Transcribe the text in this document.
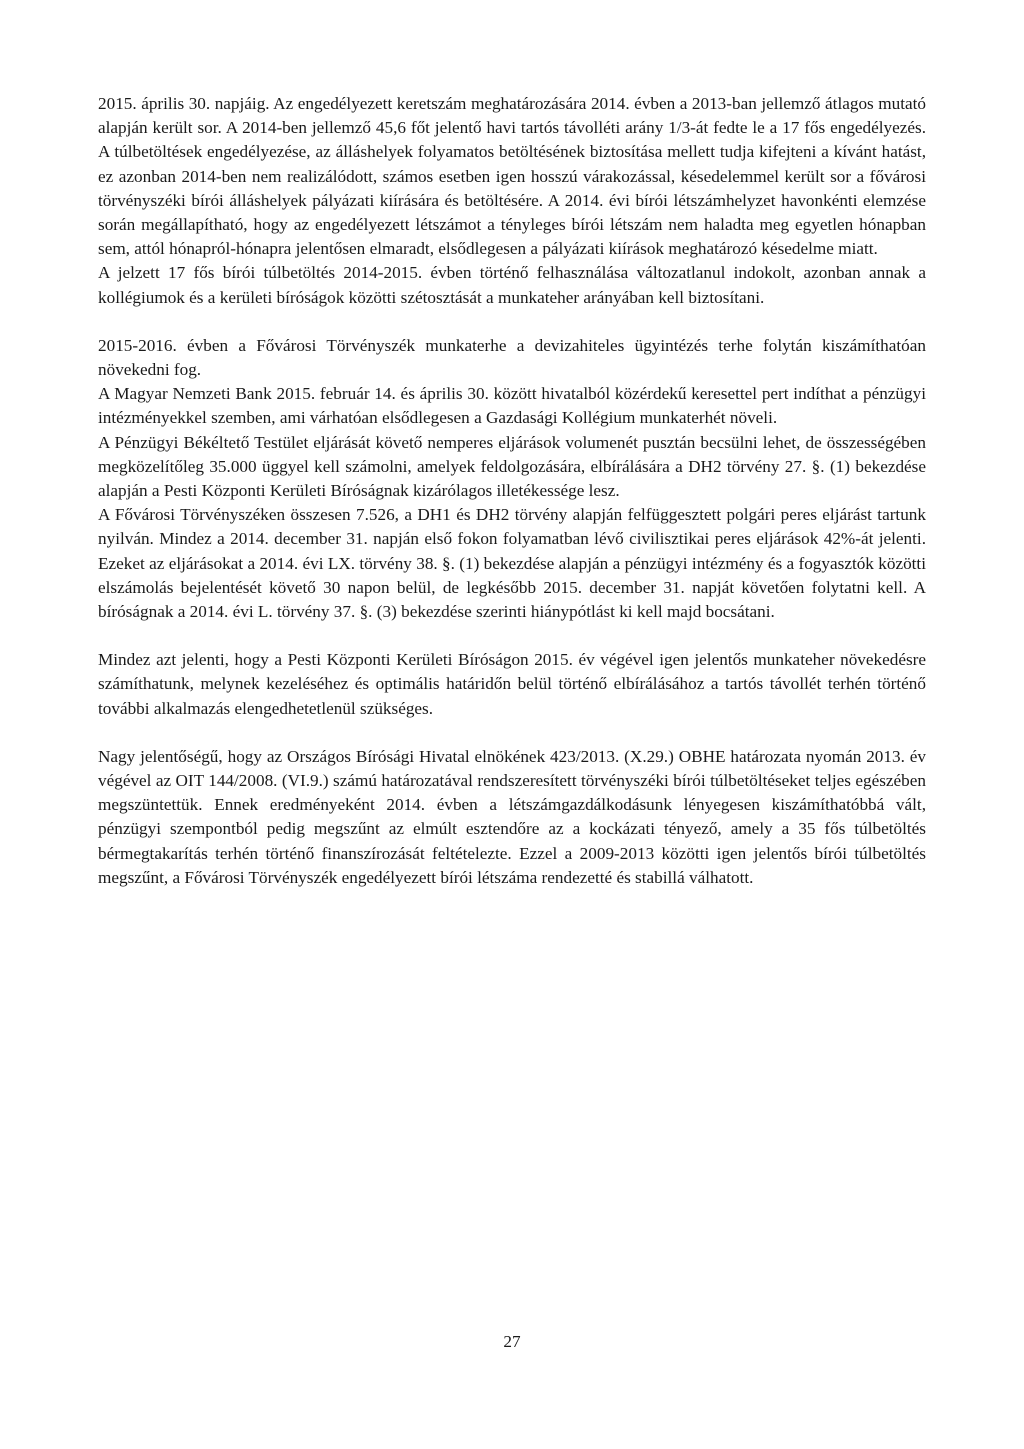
2015. április 30. napjáig. Az engedélyezett keretszám meghatározására 2014. évben a 2013-ban jellemző átlagos mutató alapján került sor. A 2014-ben jellemző 45,6 főt jelentő havi tartós távolléti arány 1/3-át fedte le a 17 fős engedélyezés. A túlbetöltések engedélyezése, az álláshelyek folyamatos betöltésének biztosítása mellett tudja kifejteni a kívánt hatást, ez azonban 2014-ben nem realizálódott, számos esetben igen hosszú várakozással, késedelemmel került sor a fővárosi törvényszéki bírói álláshelyek pályázati kiírására és betöltésére. A 2014. évi bírói létszámhelyzet havonkénti elemzése során megállapítható, hogy az engedélyezett létszámot a tényleges bírói létszám nem haladta meg egyetlen hónapban sem, attól hónapról-hónapra jelentősen elmaradt, elsődlegesen a pályázati kiírások meghatározó késedelme miatt.

A jelzett 17 fős bírói túlbetöltés 2014-2015. évben történő felhasználása változatlanul indokolt, azonban annak a kollégiumok és a kerületi bíróságok közötti szétosztását a munkateher arányában kell biztosítani.

2015-2016. évben a Fővárosi Törvényszék munkaterhe a devizahiteles ügyintézés terhe folytán kiszámíthatóan növekedni fog.

A Magyar Nemzeti Bank 2015. február 14. és április 30. között hivatalból közérdekű keresettel pert indíthat a pénzügyi intézményekkel szemben, ami várhatóan elsődlegesen a Gazdasági Kollégium munkaterhét növeli.

A Pénzügyi Békéltető Testület eljárását követő nemperes eljárások volumenét pusztán becsülni lehet, de összességében megközelítőleg 35.000 üggyel kell számolni, amelyek feldolgozására, elbírálására a DH2 törvény 27. §. (1) bekezdése alapján a Pesti Központi Kerületi Bíróságnak kizárólagos illetékessége lesz.

A Fővárosi Törvényszéken összesen 7.526, a DH1 és DH2 törvény alapján felfüggesztett polgári peres eljárást tartunk nyilván. Mindez a 2014. december 31. napján első fokon folyamatban lévő civilisztikai peres eljárások 42%-át jelenti. Ezeket az eljárásokat a 2014. évi LX. törvény 38. §. (1) bekezdése alapján a pénzügyi intézmény és a fogyasztók közötti elszámolás bejelentését követő 30 napon belül, de legkésőbb 2015. december 31. napját követően folytatni kell. A bíróságnak a 2014. évi L. törvény 37. §. (3) bekezdése szerinti hiánypótlást ki kell majd bocsátani.

Mindez azt jelenti, hogy a Pesti Központi Kerületi Bíróságon 2015. év végével igen jelentős munkateher növekedésre számíthatunk, melynek kezeléséhez és optimális határidőn belül történő elbírálásához a tartós távollét terhén történő további alkalmazás elengedhetetlenül szükséges.

Nagy jelentőségű, hogy az Országos Bírósági Hivatal elnökének 423/2013. (X.29.) OBHE határozata nyomán 2013. év végével az OIT 144/2008. (VI.9.) számú határozatával rendszeresített törvényszéki bírói túlbetöltéseket teljes egészében megszüntettük. Ennek eredményeként 2014. évben a létszámgazdálkodásunk lényegesen kiszámíthatóbbá vált, pénzügyi szempontból pedig megszűnt az elmúlt esztendőre az a kockázati tényező, amely a 35 fős túlbetöltés bérmegtakarítás terhén történő finanszírozását feltételezte. Ezzel a 2009-2013 közötti igen jelentős bírói túlbetöltés megszűnt, a Fővárosi Törvényszék engedélyezett bírói létszáma rendezetté és stabillá válhatott.

27
